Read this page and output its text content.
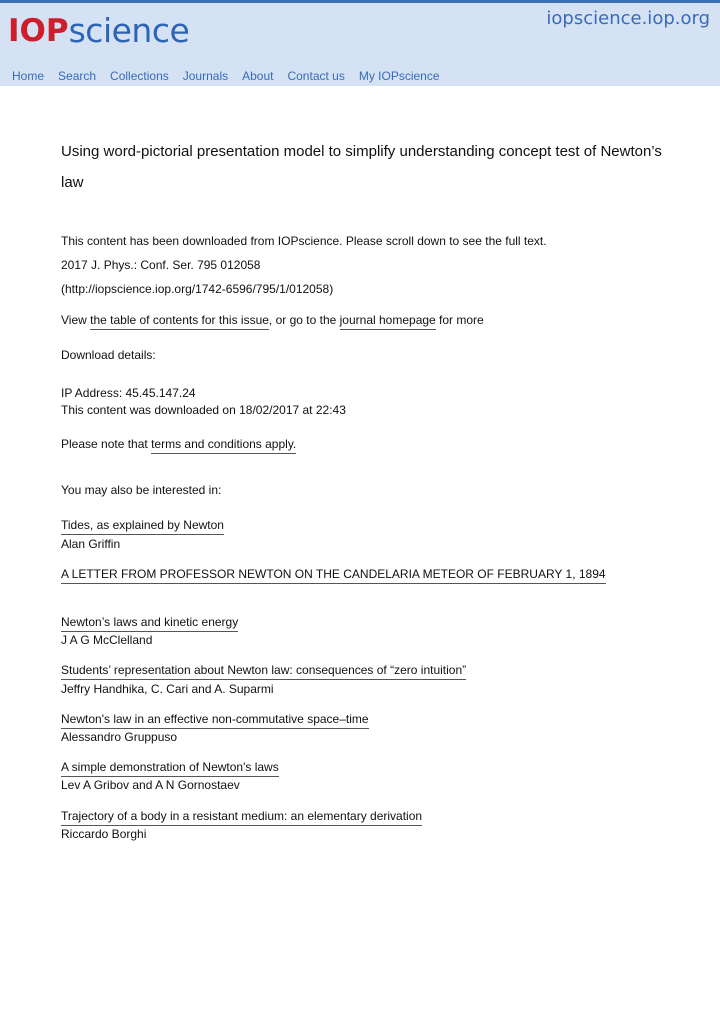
IOP science	iopscience.iop.org
Home Search Collections Journals About Contact us My IOPscience
Using word-pictorial presentation model to simplify understanding concept test of Newton’s law
This content has been downloaded from IOPscience. Please scroll down to see the full text.
2017 J. Phys.: Conf. Ser. 795 012058
(http://iopscience.iop.org/1742-6596/795/1/012058)
View the table of contents for this issue, or go to the journal homepage for more
Download details:
IP Address: 45.45.147.24
This content was downloaded on 18/02/2017 at 22:43
Please note that terms and conditions apply.
You may also be interested in:
Tides, as explained by Newton
Alan Griffin
A LETTER FROM PROFESSOR NEWTON ON THE CANDELARIA METEOR OF FEBRUARY 1, 1894
Newton’s laws and kinetic energy
J A G McClelland
Students’ representation about Newton law: consequences of “zero intuition”
Jeffry Handhika, C. Cari and A. Suparmi
Newton's law in an effective non-commutative space–time
Alessandro Gruppuso
A simple demonstration of Newton's laws
Lev A Gribov and A N Gornostaev
Trajectory of a body in a resistant medium: an elementary derivation
Riccardo Borghi
